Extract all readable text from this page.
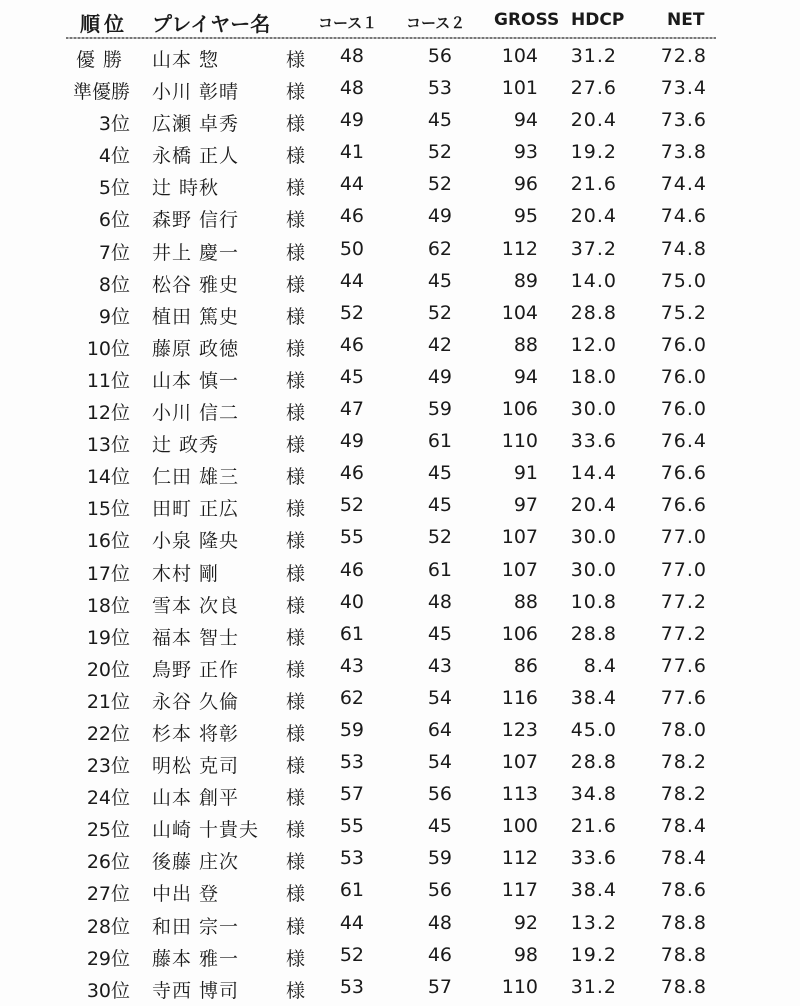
順位 プレイヤー名	コース１ コース２ GROSS HDCP	NET
優勝 山本 惣	様 48	56	104 31.2 72.8
準優勝 小川 彰晴 様 48	53	101 27.6 73.4
3位 広瀬 卓秀 様 49	45	94 20.4 73.6
4位 永橋 正人 様 41	52	93 19.2 73.8
5位 辻 時秋	様 44	52	96 21.6 74.4
6位 森野 信行 様 46	49	95 20.4 74.6
7位 井上 慶一 様 50	62	112 37.2 74.8
8位 松谷 雅史 様 44	45	89 14.0 75.0
9位 植田 篤史 様 52	52	104 28.8 75.2
10位 藤原 政徳 様 46	42	88 12.0 76.0
11位 山本 慎一 様 45	49	94 18.0 76.0
12位 小川 信二 様 47	59	106 30.0 76.0
13位 辻 政秀	様 49	61	110 33.6 76.4
14位 仁田 雄三 様 46	45	91 14.4 76.6
15位 田町 正広 様 52	45	97 20.4 76.6
16位 小泉 隆央 様 55	52	107 30.0 77.0
17位 木村 剛	様 46	61	107 30.0 77.0
18位 雪本 次良 様 40	48	88 10.8 77.2
19位 福本 智士 様 61	45	106 28.8 77.2
20位 鳥野 正作 様 43	43	86 8.4 77.6
21位 永谷 久倫 様 62	54	116 38.4 77.6
22位 杉本 将彰 様 59	64	123 45.0 78.0
23位 明松 克司 様 53	54	107 28.8 78.2
24位 山本 創平 様 57	56	113 34.8 78.2
25位 山崎 十貴夫 様 55	45	100 21.6 78.4
26位 後藤 庄次 様 53	59	112 33.6 78.4
27位 中出 登	様 61	56	117 38.4 78.6
28位 和田 宗一 様 44	48	92 13.2 78.8
29位 藤本 雅一 様 52	46	98 19.2 78.8
30位 寺西 博司 様 53	57	110 31.2 78.8
